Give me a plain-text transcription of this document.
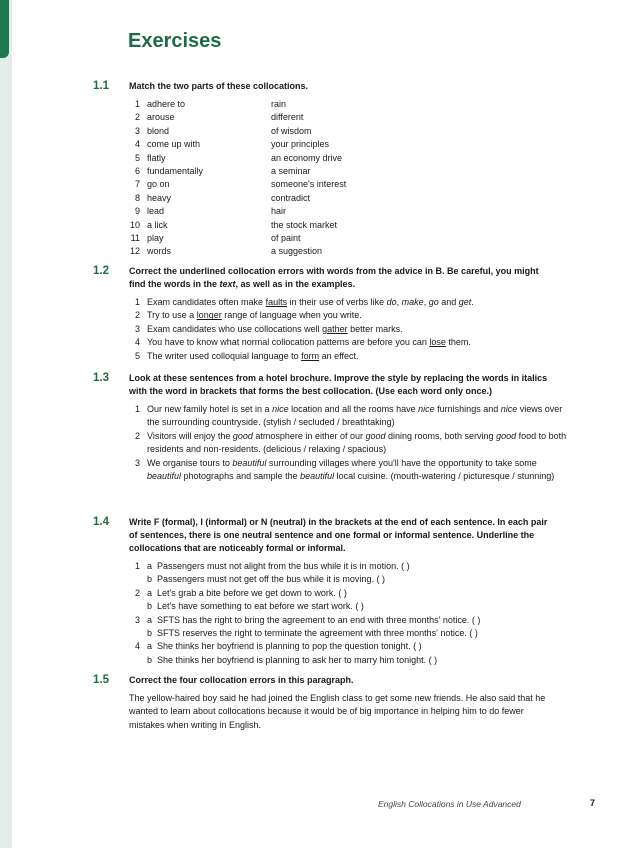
Exercises
1.1	Match the two parts of these collocations.
1 adhere to	rain
2 arouse	different
3 blond	of wisdom
4 come up with	your principles
5 flatly	an economy drive
6 fundamentally	a seminar
7 go on	someone's interest
8 heavy	contradict
9 lead	hair
10 a lick	the stock market
11 play	of paint
12 words	a suggestion
1.2	Correct the underlined collocation errors with words from the advice in B. Be careful, you might find the words in the text, as well as in the examples.
1 Exam candidates often make faults in their use of verbs like do, make, go and get.
2 Try to use a longer range of language when you write.
3 Exam candidates who use collocations well gather better marks.
4 You have to know what normal collocation patterns are before you can lose them.
5 The writer used colloquial language to form an effect.
1.3	Look at these sentences from a hotel brochure. Improve the style by replacing the words in italics with the word in brackets that forms the best collocation. (Use each word only once.)
1 Our new family hotel is set in a nice location and all the rooms have nice furnishings and nice views over the surrounding countryside. (stylish / secluded / breathtaking)
2 Visitors will enjoy the good atmosphere in either of our good dining rooms, both serving good food to both residents and non-residents. (delicious / relaxing / spacious)
3 We organise tours to beautiful surrounding villages where you'll have the opportunity to take some beautiful photographs and sample the beautiful local cuisine. (mouth-watering / picturesque / stunning)
1.4	Write F (formal), I (informal) or N (neutral) in the brackets at the end of each sentence. In each pair of sentences, there is one neutral sentence and one formal or informal sentence. Underline the collocations that are noticeably formal or informal.
1 a Passengers must not alight from the bus while it is in motion. ( )
b Passengers must not get off the bus while it is moving. ( )
2 a Let's grab a bite before we get down to work. ( )
b Let's have something to eat before we start work. ( )
3 a SFTS has the right to bring the agreement to an end with three months' notice. ( )
b SFTS reserves the right to terminate the agreement with three months' notice. ( )
4 a She thinks her boyfriend is planning to pop the question tonight. ( )
b She thinks her boyfriend is planning to ask her to marry him tonight. ( )
1.5	Correct the four collocation errors in this paragraph.
The yellow-haired boy said he had joined the English class to get some new friends. He also said that he wanted to learn about collocations because it would be of big importance in helping him to do fewer mistakes when writing in English.
English Collocations in Use Advanced	7
